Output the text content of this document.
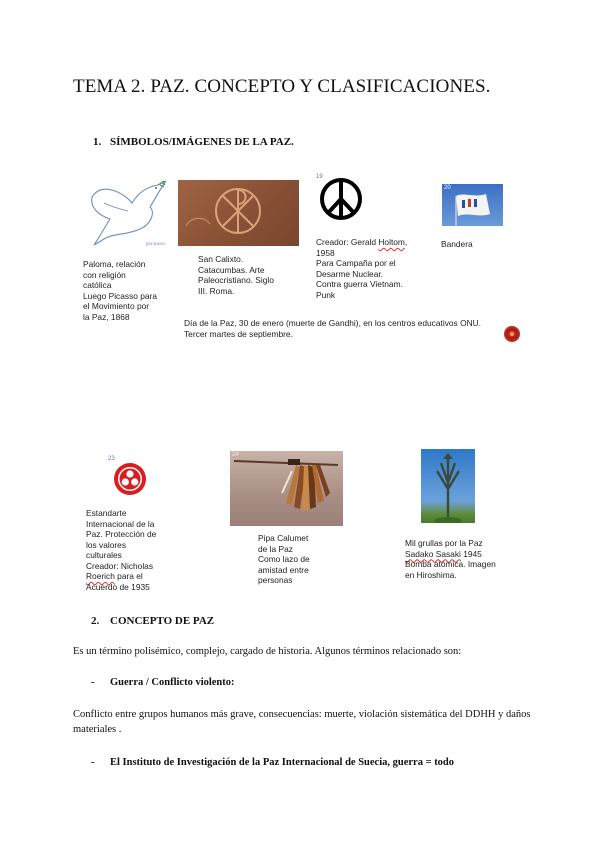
TEMA 2. PAZ. CONCEPTO Y CLASIFICACIONES.
1. SÍMBOLOS/IMÁGENES DE LA PAZ.
picasso
Paloma, relación
con religión
católica
Luego Picasso para
el Movimiento por
la Paz, 1868
San Calixto.
Catacumbas. Arte
Paleocristiano. Siglo
III. Roma.
19
Creador: Gerald Holtom,
1958
Para Campaña por el
Desarme Nuclear.
Contra guerra Vietnam.
Punk
20
Bandera
Día de la Paz, 30 de enero (muerte de Gandhi), en los centros educativos ONU. Tercer martes de septiembre.
23
Estandarte
Internacional de la
Paz. Protección de
los valores
culturales
Creador: Nicholas
Roerich para el
Acuerdo de 1935
24
Pipa Calumet
de la Paz
Como lazo de
amistad entre
personas
Mil grullas por la Paz
Sadako Sasaki 1945
Bomba atómica. Imagen
en Hiroshima.
2. CONCEPTO DE PAZ
Es un término polisémico, complejo, cargado de historia. Algunos términos relacionado son:
- Guerra / Conflicto violento:
Conflicto entre grupos humanos más grave, consecuencias: muerte, violación sistemática del DDHH y daños materiales .
- El Instituto de Investigación de la Paz Internacional de Suecia, guerra = todo
